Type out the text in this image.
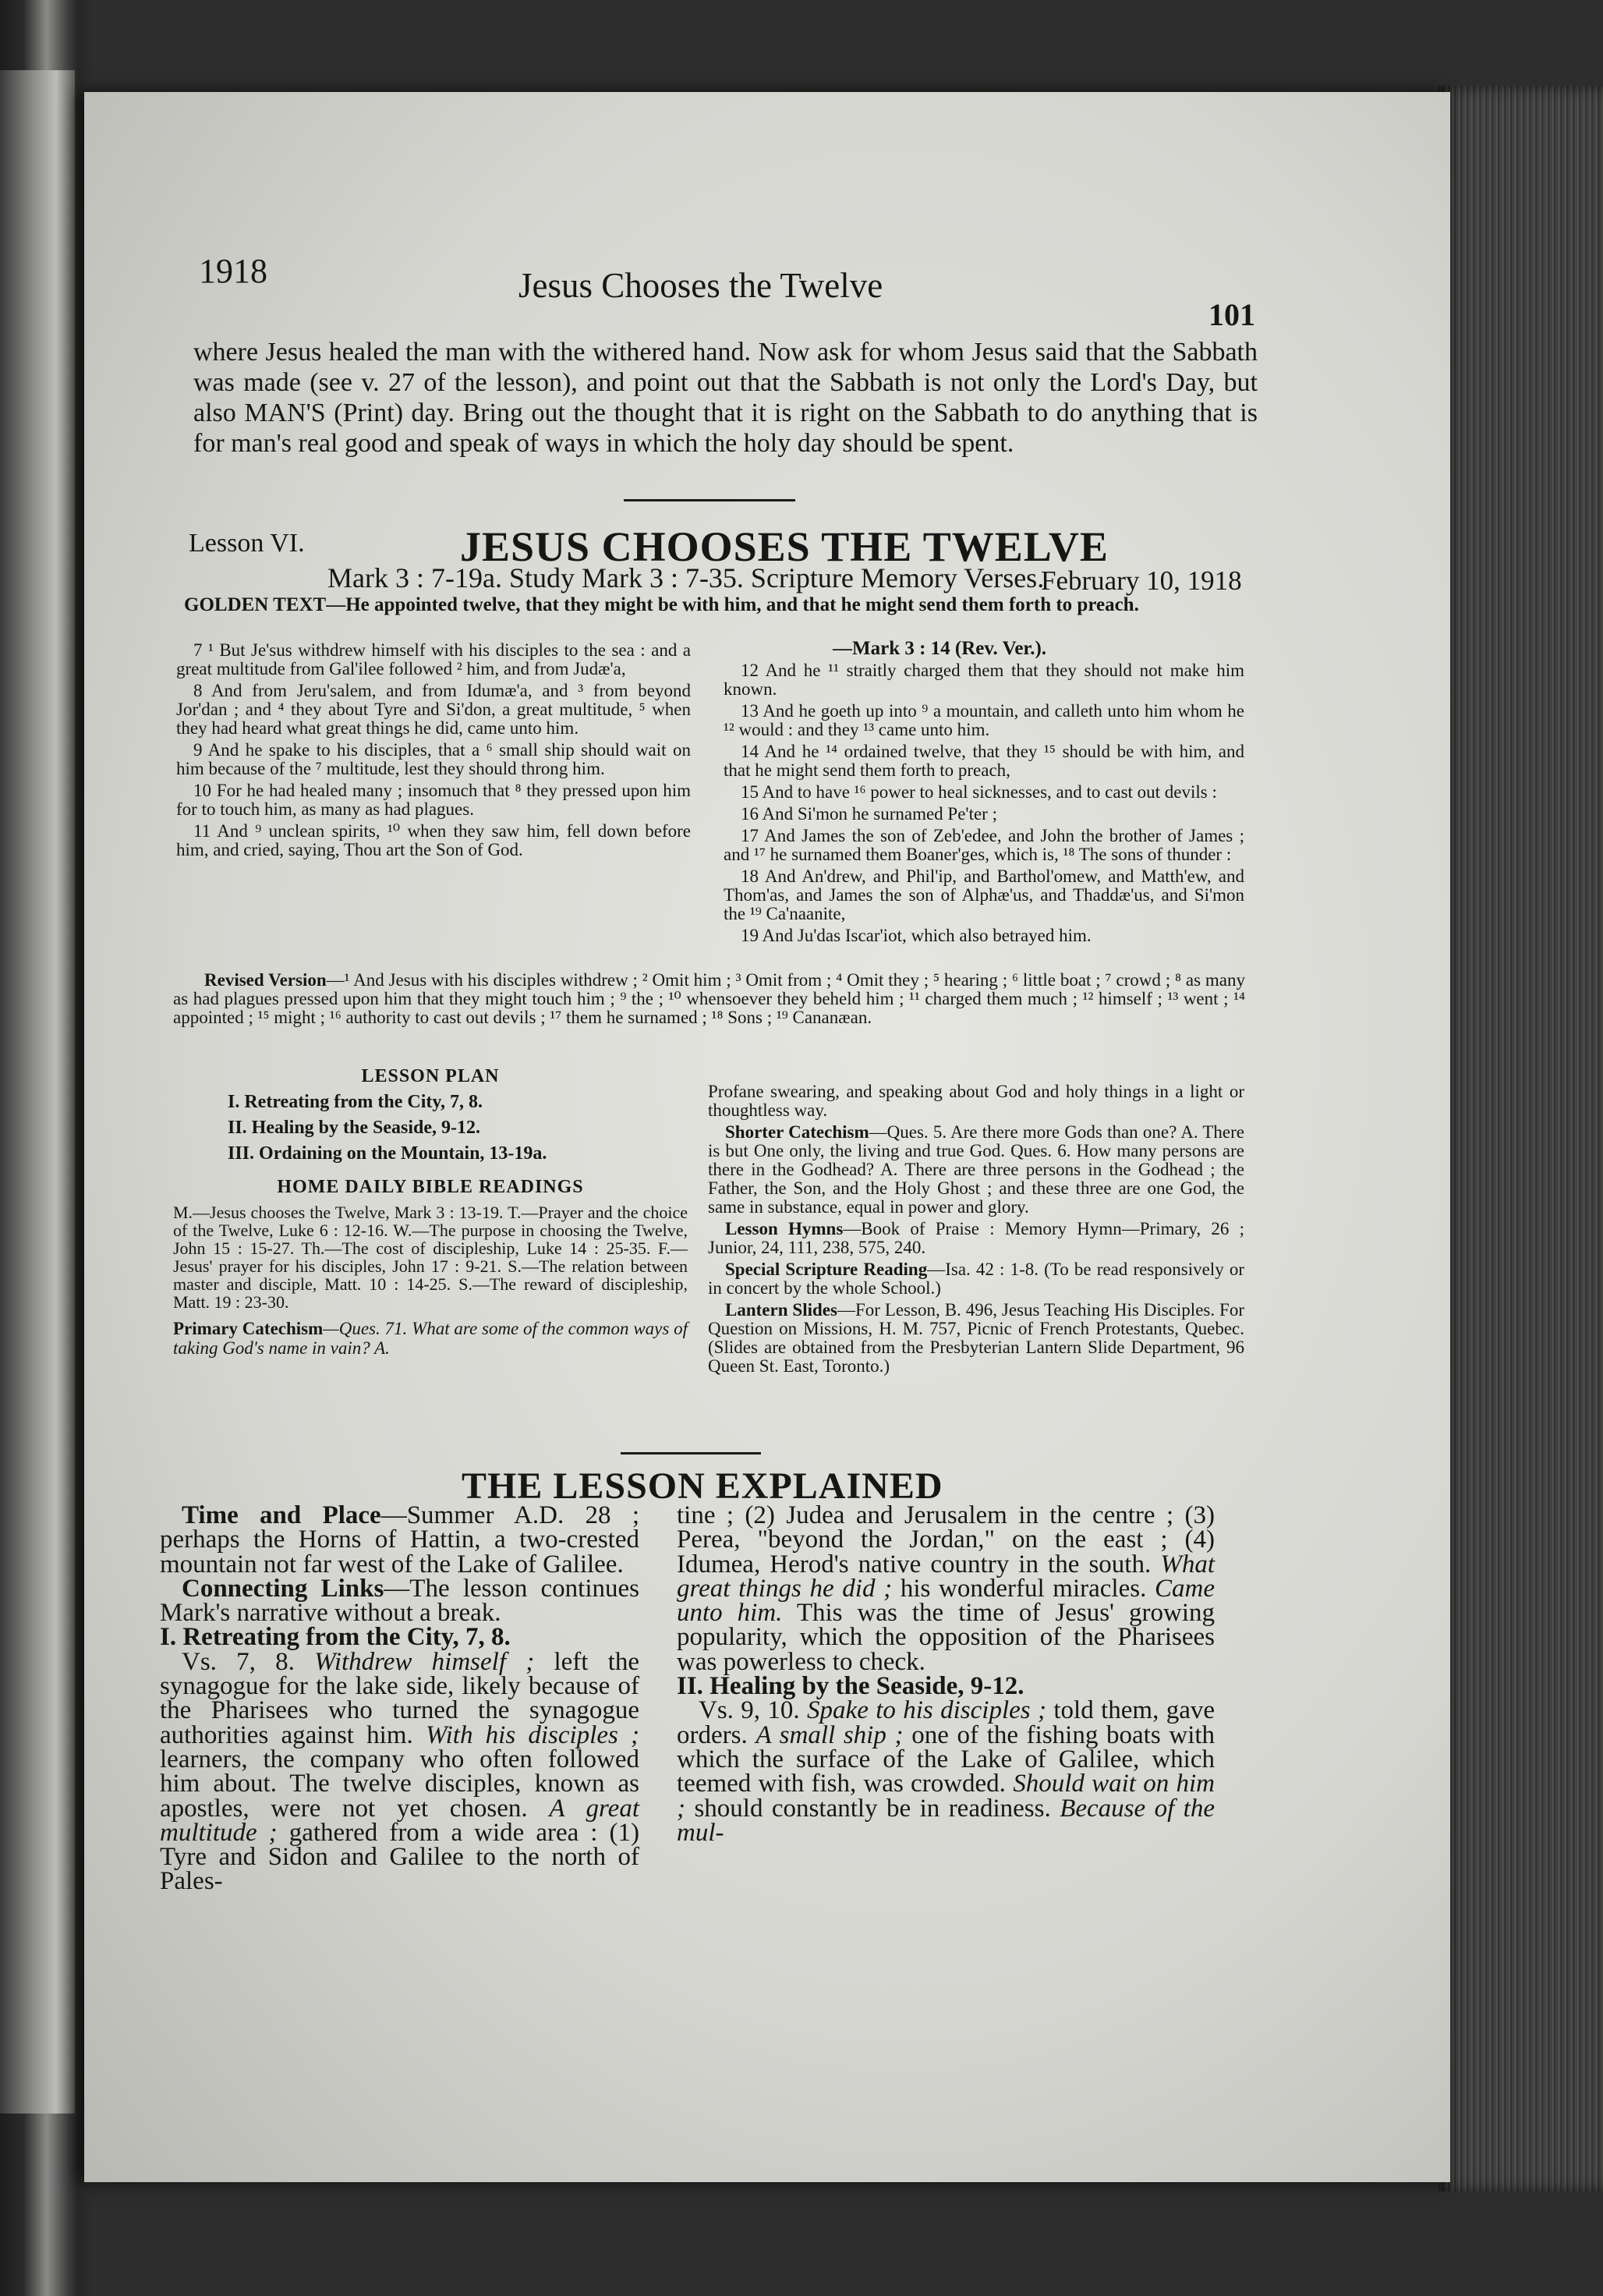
1918	Jesus Chooses the Twelve
101
where Jesus healed the man with the withered hand. Now ask for whom Jesus said that the Sabbath was made (see v. 27 of the lesson), and point out that the Sabbath is not only the Lord's Day, but also MAN'S (Print) day. Bring out the thought that it is right on the Sabbath to do anything that is for man's real good and speak of ways in which the holy day should be spent.
Lesson VI.	JESUS CHOOSES THE TWELVE
Mark 3 : 7-19a. Study Mark 3 : 7-35. Scripture Memory Verses.
February 10, 1918
GOLDEN TEXT—He appointed twelve, that they might be with him, and that he might send them forth to preach.
—Mark 3 : 14 (Rev. Ver.).

7 ¹ But Je'sus withdrew himself with his disciples to the sea : and a great multitude from Gal'ilee followed ² him, and from Judæ'a,

8 And from Jeru'salem, and from Idumæ'a, and ³ from beyond Jor'dan ; and ⁴ they about Tyre and Si'don, a great multitude, ⁵ when they had heard what great things he did, came unto him.

9 And he spake to his disciples, that a ⁶ small ship should wait on him because of the ⁷ multitude, lest they should throng him.

10 For he had healed many ; insomuch that ⁸ they pressed upon him for to touch him, as many as had plagues.

11 And ⁹ unclean spirits, ¹⁰ when they saw him, fell down before him, and cried, saying, Thou art the Son of God.

12 And he ¹¹ straitly charged them that they should not make him known.

13 And he goeth up into ⁹ a mountain, and calleth unto him whom he ¹² would : and they ¹³ came unto him.

14 And he ¹⁴ ordained twelve, that they ¹⁵ should be with him, and that he might send them forth to preach,

15 And to have ¹⁶ power to heal sicknesses, and to cast out devils :

16 And Si'mon he surnamed Pe'ter ;

17 And James the son of Zeb'edee, and John the brother of James ; and ¹⁷ he surnamed them Boaner'ges, which is, ¹⁸ The sons of thunder :

18 And An'drew, and Phil'ip, and Barthol'omew, and Matth'ew, and Thom'as, and James the son of Alphæ'us, and Thaddæ'us, and Si'mon the ¹⁹ Ca'naanite,

19 And Ju'das Iscar'iot, which also betrayed him.

Revised Version—¹ And Jesus with his disciples withdrew ; ² Omit him ; ³ Omit from ; ⁴ Omit they ; ⁵ hearing ; ⁶ little boat ; ⁷ crowd ; ⁸ as many as had plagues pressed upon him that they might touch him ; ⁹ the ; ¹⁰ whensoever they beheld him ; ¹¹ charged them much ; ¹² himself ; ¹³ went ; ¹⁴ appointed ; ¹⁵ might ; ¹⁶ authority to cast out devils ; ¹⁷ them he surnamed ; ¹⁸ Sons ; ¹⁹ Cananæan.
LESSON PLAN
I. Retreating from the City, 7, 8.
II. Healing by the Seaside, 9-12.
III. Ordaining on the Mountain, 13-19a.
HOME DAILY BIBLE READINGS
M.—Jesus chooses the Twelve, Mark 3 : 13-19. T.—Prayer and the choice of the Twelve, Luke 6 : 12-16. W.—The purpose in choosing the Twelve, John 15 : 15-27. Th.—The cost of discipleship, Luke 14 : 25-35. F.—Jesus' prayer for his disciples, John 17 : 9-21. S.—The relation between master and disciple, Matt. 10 : 14-25. S.—The reward of discipleship, Matt. 19 : 23-30.
Primary Catechism—Ques. 71. What are some of the common ways of taking God's name in vain? A.
Profane swearing, and speaking about God and holy things in a light or thoughtless way.
Shorter Catechism—Ques. 5. Are there more Gods than one? A. There is but One only, the living and true God. Ques. 6. How many persons are there in the Godhead? A. There are three persons in the Godhead ; the Father, the Son, and the Holy Ghost ; and these three are one God, the same in substance, equal in power and glory.
Lesson Hymns—Book of Praise : Memory Hymn—Primary, 26 ; Junior, 24, 111, 238, 575, 240.
Special Scripture Reading—Isa. 42 : 1-8. (To be read responsively or in concert by the whole School.)
Lantern Slides—For Lesson, B. 496, Jesus Teaching His Disciples. For Question on Missions, H. M. 757, Picnic of French Protestants, Quebec. (Slides are obtained from the Presbyterian Lantern Slide Department, 96 Queen St. East, Toronto.)
THE LESSON EXPLAINED

Time and Place—Summer A.D. 28 ; perhaps the Horns of Hattin, a two-crested mountain not far west of the Lake of Galilee.

Connecting Links—The lesson continues Mark's narrative without a break.

I. Retreating from the City, 7, 8.

Vs. 7, 8. Withdrew himself ; left the synagogue for the lake side, likely because of the Pharisees who turned the synagogue authorities against him. With his disciples ; learners, the company who often followed him about. The twelve disciples, known as apostles, were not yet chosen. A great multitude ; gathered from a wide area : (1) Tyre and Sidon and Galilee to the north of Pales-

tine ; (2) Judea and Jerusalem in the centre ; (3) Perea, "beyond the Jordan," on the east ; (4) Idumea, Herod's native country in the south. What great things he did ; his wonderful miracles. Came unto him. This was the time of Jesus' growing popularity, which the opposition of the Pharisees was powerless to check.

II. Healing by the Seaside, 9-12.

Vs. 9, 10. Spake to his disciples ; told them, gave orders. A small ship ; one of the fishing boats with which the surface of the Lake of Galilee, which teemed with fish, was crowded. Should wait on him ; should constantly be in readiness. Because of the mul-
